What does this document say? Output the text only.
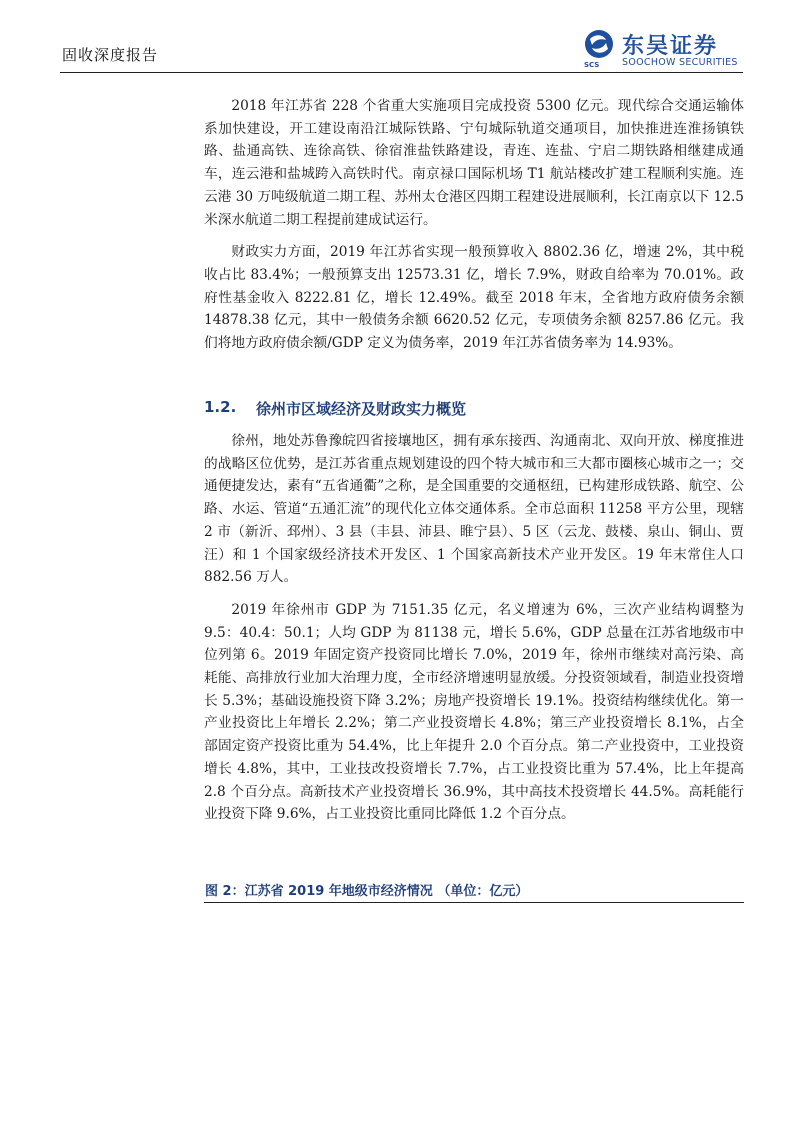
固收深度报告
SCS
东吴证券
SOOCHOW SECURITIES

2018 年江苏省 228 个省重大实施项目完成投资 5300 亿元。现代综合交通运输体系加快建设，开工建设南沿江城际铁路、宁句城际轨道交通项目，加快推进连淮扬镇铁路、盐通高铁、连徐高铁、徐宿淮盐铁路建设，青连、连盐、宁启二期铁路相继建成通车，连云港和盐城跨入高铁时代。南京禄口国际机场 T1 航站楼改扩建工程顺利实施。连云港 30 万吨级航道二期工程、苏州太仓港区四期工程建设进展顺利，长江南京以下 12.5 米深水航道二期工程提前建成试运行。

财政实力方面，2019 年江苏省实现一般预算收入 8802.36 亿，增速 2%，其中税收占比 83.4%；一般预算支出 12573.31 亿，增长 7.9%，财政自给率为 70.01%。政府性基金收入 8222.81 亿，增长 12.49%。截至 2018 年末，全省地方政府债务余额 14878.38 亿元，其中一般债务余额 6620.52 亿元，专项债务余额 8257.86 亿元。我们将地方政府债余额/GDP 定义为债务率，2019 年江苏省债务率为 14.93%。

1.2. 徐州市区域经济及财政实力概览

徐州，地处苏鲁豫皖四省接壤地区，拥有承东接西、沟通南北、双向开放、梯度推进的战略区位优势，是江苏省重点规划建设的四个特大城市和三大都市圈核心城市之一；交通便捷发达，素有“五省通衢”之称，是全国重要的交通枢纽，已构建形成铁路、航空、公路、水运、管道“五通汇流”的现代化立体交通体系。全市总面积 11258 平方公里，现辖 2 市（新沂、邳州）、3 县（丰县、沛县、睢宁县）、5 区（云龙、鼓楼、泉山、铜山、贾汪）和 1 个国家级经济技术开发区、1 个国家高新技术产业开发区。19 年末常住人口 882.56 万人。

2019 年徐州市 GDP 为 7151.35 亿元，名义增速为 6%，三次产业结构调整为 9.5：40.4：50.1；人均 GDP 为 81138 元，增长 5.6%，GDP 总量在江苏省地级市中位列第 6。2019 年固定资产投资同比增长 7.0%，2019 年，徐州市继续对高污染、高耗能、高排放行业加大治理力度，全市经济增速明显放缓。分投资领域看，制造业投资增长 5.3%；基础设施投资下降 3.2%；房地产投资增长 19.1%。投资结构继续优化。第一产业投资比上年增长 2.2%；第二产业投资增长 4.8%；第三产业投资增长 8.1%，占全部固定资产投资比重为 54.4%，比上年提升 2.0 个百分点。第二产业投资中，工业投资增长 4.8%，其中，工业技改投资增长 7.7%，占工业投资比重为 57.4%，比上年提高 2.8 个百分点。高新技术产业投资增长 36.9%，其中高技术投资增长 44.5%。高耗能行业投资下降 9.6%，占工业投资比重同比降低 1.2 个百分点。

图 2：江苏省 2019 年地级市经济情况 （单位：亿元）
